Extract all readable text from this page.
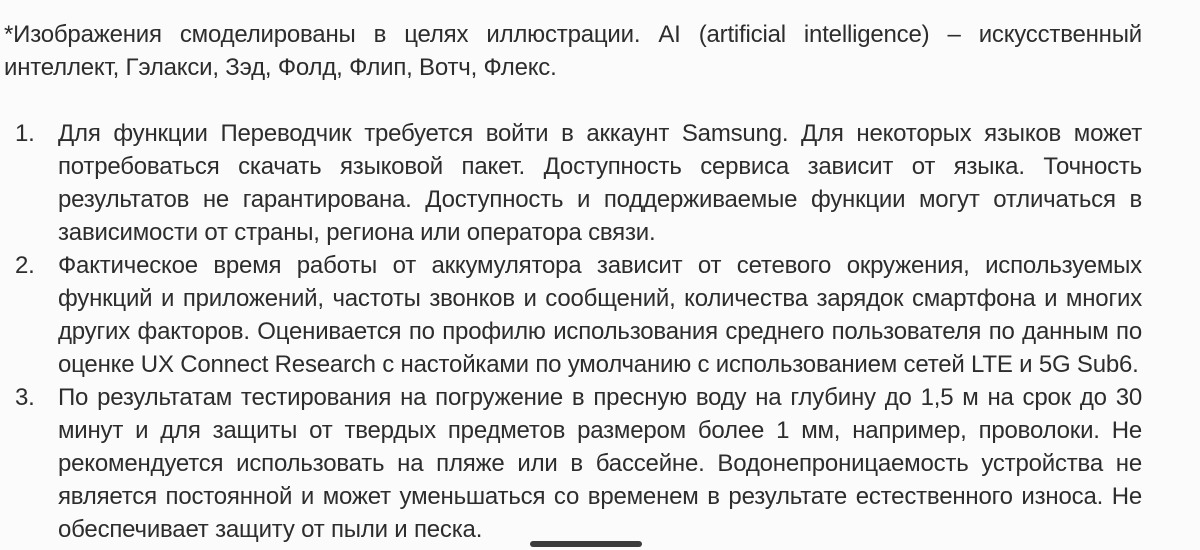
*Изображения смоделированы в целях иллюстрации. AI (artificial intelligence) – искусственный интеллект, Гэлакси, Зэд, Фолд, Флип, Вотч, Флекс.

1. Для функции Переводчик требуется войти в аккаунт Samsung. Для некоторых языков может потребоваться скачать языковой пакет. Доступность сервиса зависит от языка. Точность результатов не гарантирована. Доступность и поддерживаемые функции могут отличаться в зависимости от страны, региона или оператора связи.
2. Фактическое время работы от аккумулятора зависит от сетевого окружения, используемых функций и приложений, частоты звонков и сообщений, количества зарядок смартфона и многих других факторов. Оценивается по профилю использования среднего пользователя по данным по оценке UX Connect Research с настойками по умолчанию с использованием сетей LTE и 5G Sub6.
3. По результатам тестирования на погружение в пресную воду на глубину до 1,5 м на срок до 30 минут и для защиты от твердых предметов размером более 1 мм, например, проволоки. Не рекомендуется использовать на пляже или в бассейне. Водонепроницаемость устройства не является постоянной и может уменьшаться со временем в результате естественного износа. Не обеспечивает защиту от пыли и песка.
